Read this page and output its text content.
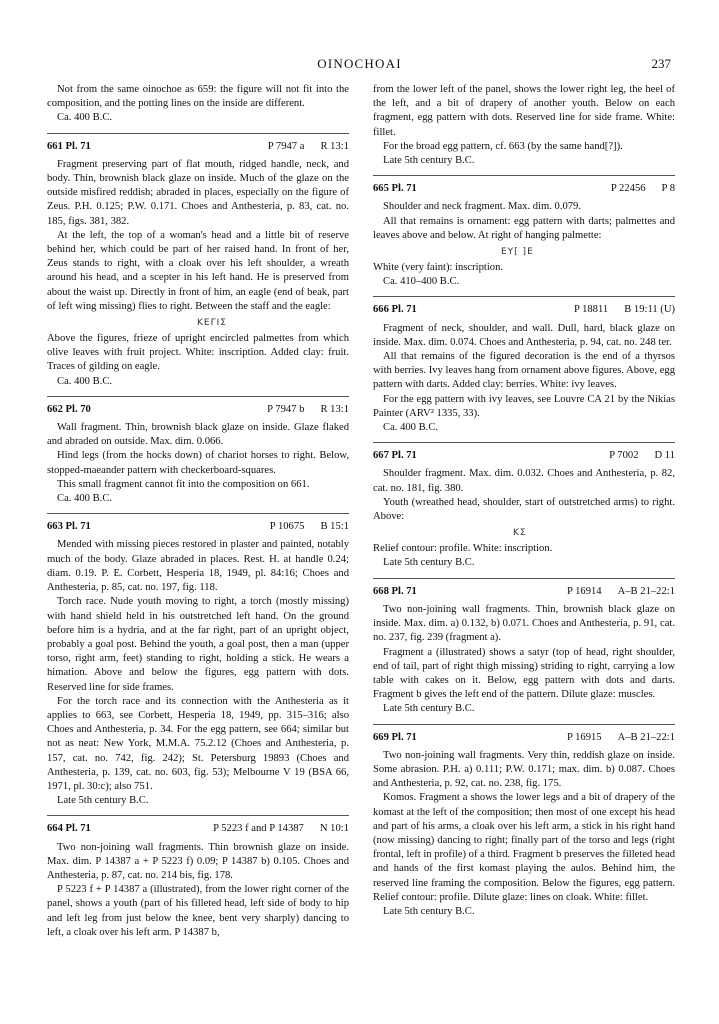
OINOCHOAI	237

Not from the same oinochoe as 659: the figure will not fit into the composition, and the potting lines on the inside are different.

Ca. 400 B.C.

661 Pl. 71	P 7947 a R 13:1

Fragment preserving part of flat mouth, ridged handle, neck, and body. Thin, brownish black glaze on inside. Much of the glaze on the outside misfired reddish; abraded in places, especially on the figure of Zeus. P.H. 0.125; P.W. 0.171. Choes and Anthesteria, p. 83, cat. no. 185, figs. 381, 382.

At the left, the top of a woman's head and a little bit of reserve behind her, which could be part of her raised hand. In front of her, Zeus stands to right, with a cloak over his left shoulder, a wreath around his head, and a scepter in his left hand. He is preserved from about the waist up. Directly in front of him, an eagle (end of beak, part of left wing missing) flies to right. Between the staff and the eagle:

ΚΕΓΙΣ

Above the figures, frieze of upright encircled palmettes from which olive leaves with fruit project. White: inscription. Added clay: fruit. Traces of gilding on eagle.

Ca. 400 B.C.

662 Pl. 70	P 7947 b R 13:1

Wall fragment. Thin, brownish black glaze on inside. Glaze flaked and abraded on outside. Max. dim. 0.066.

Hind legs (from the hocks down) of chariot horses to right. Below, stopped-maeander pattern with checkerboard-squares.

This small fragment cannot fit into the composition on 661.

Ca. 400 B.C.

663 Pl. 71	P 10675 B 15:1

Mended with missing pieces restored in plaster and painted, notably much of the body. Glaze abraded in places. Rest. H. at handle 0.24; diam. 0.19. P. E. Corbett, Hesperia 18, 1949, pl. 84:16; Choes and Anthesteria, p. 85, cat. no. 197, fig. 118.

Torch race. Nude youth moving to right, a torch (mostly missing) with hand shield held in his outstretched left hand. On the ground before him is a hydria, and at the far right, part of an upright object, probably a goal post. Behind the youth, a goal post, then a man (upper torso, right arm, feet) standing to right, holding a stick. He wears a himation. Above and below the figures, egg pattern with dots. Reserved line for side frames.

For the torch race and its connection with the Anthesteria as it applies to 663, see Corbett, Hesperia 18, 1949, pp. 315–316; also Choes and Anthesteria, p. 34. For the egg pattern, see 664; similar but not as neat: New York, M.M.A. 75.2.12 (Choes and Anthesteria, p. 157, cat. no. 742, fig. 242); St. Petersburg 19893 (Choes and Anthesteria, p. 139, cat. no. 603, fig. 53); Melbourne V 19 (BSA 66, 1971, pl. 30:c); also 751.

Late 5th century B.C.

664 Pl. 71	P 5223 f and P 14387 N 10:1

Two non-joining wall fragments. Thin brownish glaze on inside. Max. dim. P 14387 a + P 5223 f) 0.09; P 14387 b) 0.105. Choes and Anthesteria, p. 87, cat. no. 214 bis, fig. 178.

P 5223 f + P 14387 a (illustrated), from the lower right corner of the panel, shows a youth (part of his filleted head, left side of body to hip and left leg from just below the knee, bent very sharply) dancing to left, a cloak over his left arm. P 14387 b,

from the lower left of the panel, shows the lower right leg, the heel of the left, and a bit of drapery of another youth. Below on each fragment, egg pattern with dots. Reserved line for side frame. White: fillet.

For the broad egg pattern, cf. 663 (by the same hand[?]).

Late 5th century B.C.

665 Pl. 71	P 22456 P 8

Shoulder and neck fragment. Max. dim. 0.079.

All that remains is ornament: egg pattern with darts; palmettes and leaves above and below. At right of hanging palmette:

ΕΥ[ ]Ε

White (very faint): inscription.

Ca. 410–400 B.C.

666 Pl. 71	P 18811 B 19:11 (U)

Fragment of neck, shoulder, and wall. Dull, hard, black glaze on inside. Max. dim. 0.074. Choes and Anthesteria, p. 94, cat. no. 248 ter.

All that remains of the figured decoration is the end of a thyrsos with berries. Ivy leaves hang from ornament above figures. Above, egg pattern with darts. Added clay: berries. White: ivy leaves.

For the egg pattern with ivy leaves, see Louvre CA 21 by the Nikias Painter (ARV² 1335, 33).

Ca. 400 B.C.

667 Pl. 71	P 7002 D 11

Shoulder fragment. Max. dim. 0.032. Choes and Anthesteria, p. 82, cat. no. 181, fig. 380.

Youth (wreathed head, shoulder, start of outstretched arms) to right. Above:

ΚΣ

Relief contour: profile. White: inscription.

Late 5th century B.C.

668 Pl. 71	P 16914 A–B 21–22:1

Two non-joining wall fragments. Thin, brownish black glaze on inside. Max. dim. a) 0.132, b) 0.071. Choes and Anthesteria, p. 91, cat. no. 237, fig. 239 (fragment a).

Fragment a (illustrated) shows a satyr (top of head, right shoulder, end of tail, part of right thigh missing) striding to right, carrying a low table with cakes on it. Below, egg pattern with dots and darts. Fragment b gives the left end of the pattern. Dilute glaze: muscles.

Late 5th century B.C.

669 Pl. 71	P 16915 A–B 21–22:1

Two non-joining wall fragments. Very thin, reddish glaze on inside. Some abrasion. P.H. a) 0.111; P.W. 0.171; max. dim. b) 0.087. Choes and Anthesteria, p. 92, cat. no. 238, fig. 175.

Komos. Fragment a shows the lower legs and a bit of drapery of the komast at the left of the composition; then most of one except his head and part of his arms, a cloak over his left arm, a stick in his right hand (now missing) dancing to right; finally part of the torso and legs (right frontal, left in profile) of a third. Fragment b preserves the filleted head and hands of the first komast playing the aulos. Behind him, the reserved line framing the composition. Below the figures, egg pattern. Relief contour: profile. Dilute glaze: lines on cloak. White: fillet.

Late 5th century B.C.
